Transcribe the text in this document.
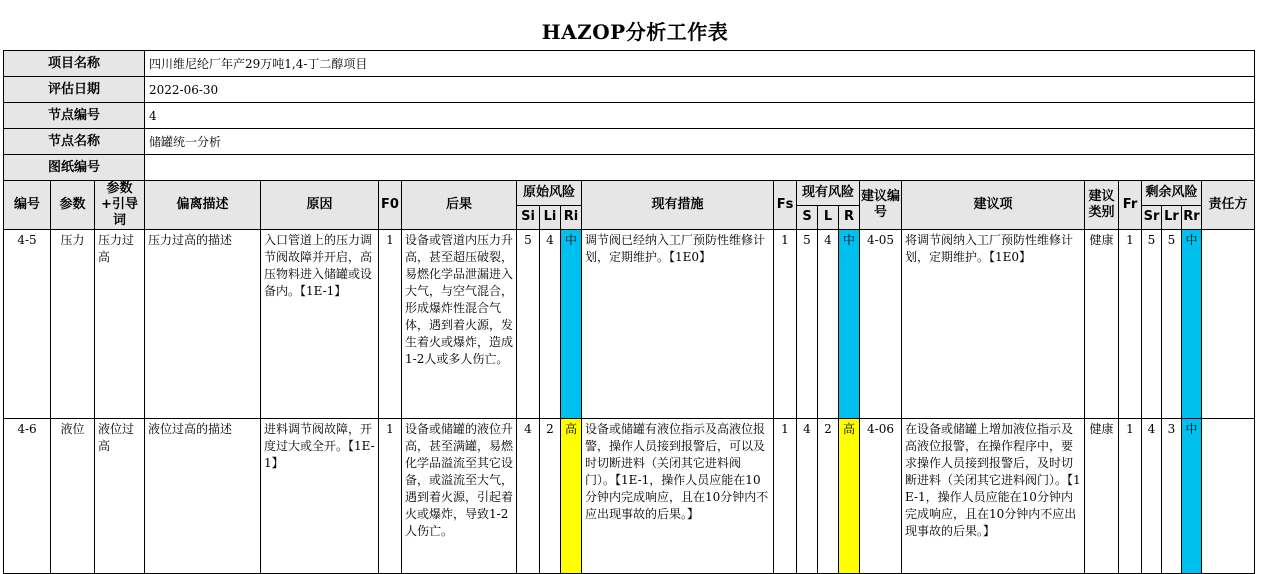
HAZOP分析工作表
项目名称			四川维尼纶厂年产29万吨1,4-丁二醇项目																			
评估日期			2022-06-30																			
节点编号			4																			
节点名称			储罐统一分析																			
图纸编号																						
编号	参数	参数+引导词	偏离描述	原因	F0	后果	原始风险			现有措施	Fs	现有风险			建议编号	建议项	建议类别	Fr	剩余风险			责任方
							Si	Li	Ri			S	L	R					Sr	Lr	Rr	
4-5	压力	压力过高	压力过高的描述	入口管道上的压力调节阀故障并开启，高压物料进入储罐或设备内。【1E-1】	1	设备或管道内压力升高，甚至超压破裂，易燃化学品泄漏进入大气，与空气混合，形成爆炸性混合气体，遇到着火源，发生着火或爆炸，造成1-2人或多人伤亡。	5	4	中	调节阀已经纳入工厂预防性维修计划，定期维护。【1E0】	1	5	4	中	4-05	将调节阀纳入工厂预防性维修计划，定期维护。【1E0】	健康	1	5	5	中	
4-6	液位	液位过高	液位过高的描述	进料调节阀故障，开度过大或全开。【1E-1】	1	设备或储罐的液位升高，甚至满罐，易燃化学品溢流至其它设备，或溢流至大气，遇到着火源，引起着火或爆炸，导致1-2人伤亡。	4	2	高	设备或储罐有液位指示及高液位报警，操作人员接到报警后，可以及时切断进料（关闭其它进料阀门）。【1E-1，操作人员应能在10分钟内完成响应，且在10分钟内不应出现事故的后果。】	1	4	2	高	4-06	在设备或储罐上增加液位指示及高液位报警，在操作程序中，要求操作人员接到报警后，及时切断进料（关闭其它进料阀门）。【1E-1，操作人员应能在10分钟内完成响应，且在10分钟内不应出现事故的后果。】	健康	1	4	3	中	
